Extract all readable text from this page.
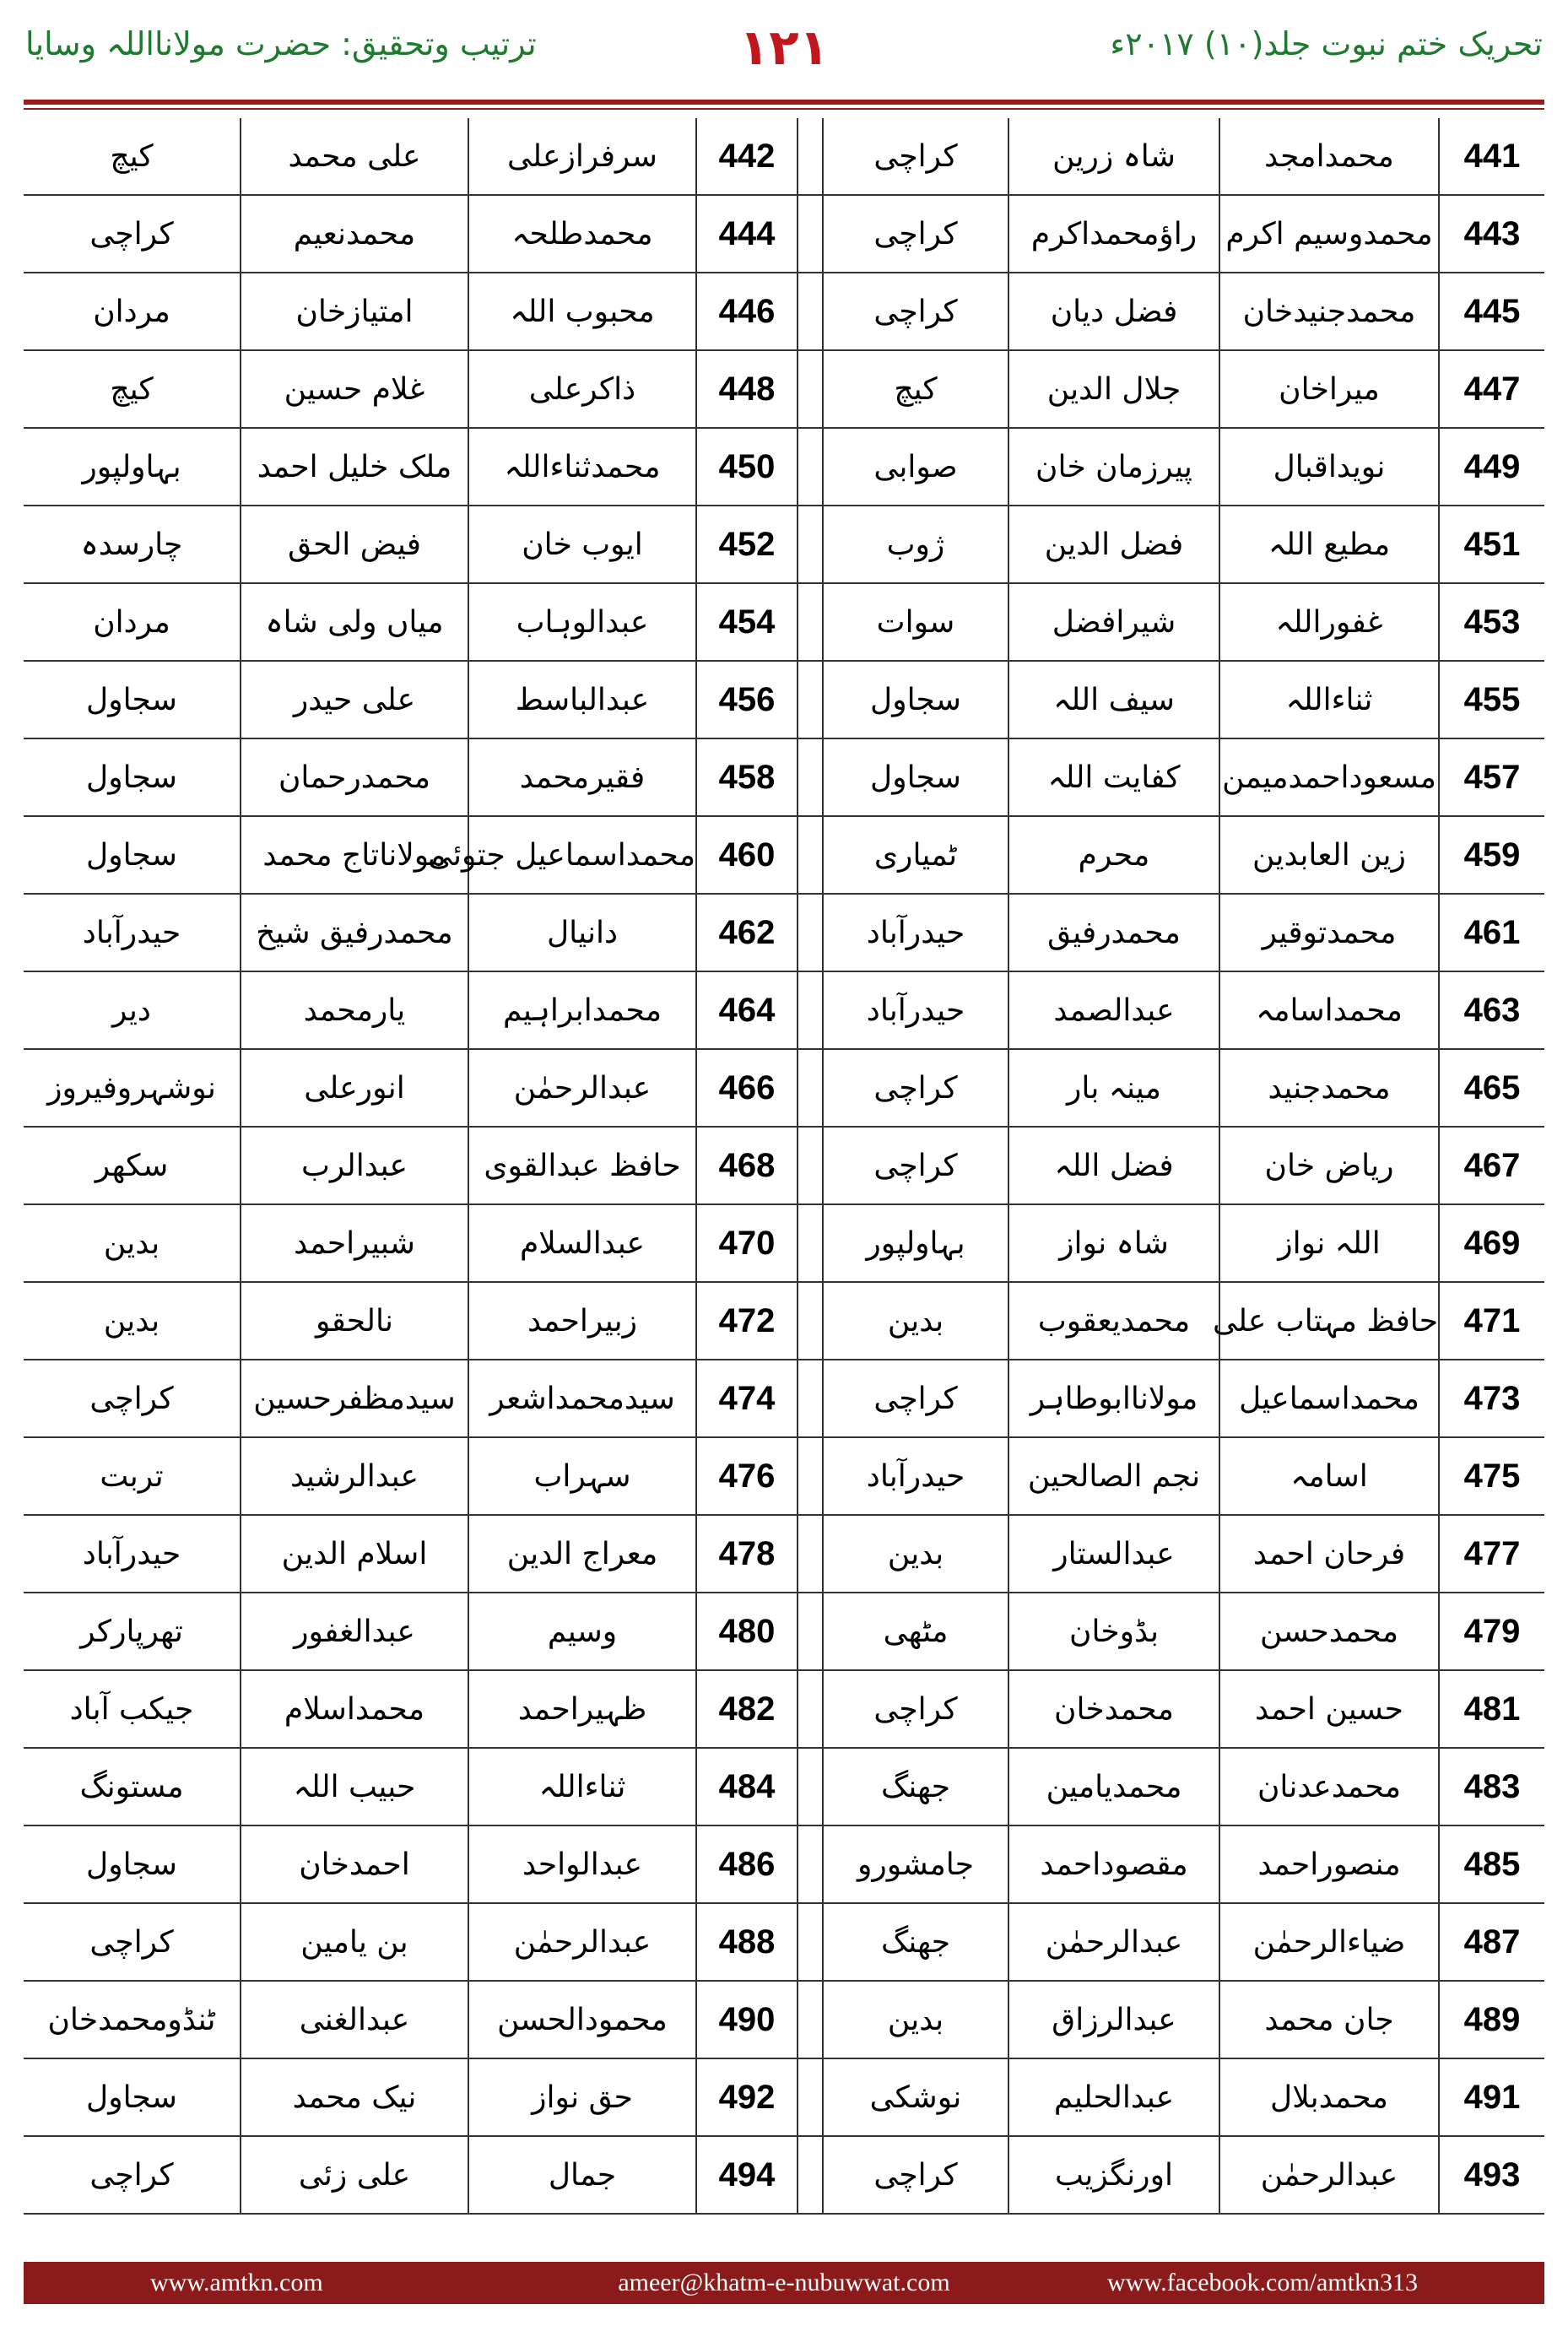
تحریک ختم نبوت جلد(۱۰) ۲۰۱۷ء
۱۲۱
ترتیب وتحقیق: حضرت مولانااللہ وسایا
441	محمدامجد	شاہ زرین	کراچی		442	سرفرازعلی	علی محمد	کیچ
443	محمدوسیم اکرم	راؤمحمداکرم	کراچی		444	محمدطلحہ	محمدنعیم	کراچی
445	محمدجنیدخان	فضل دیان	کراچی		446	محبوب اللہ	امتیازخان	مردان
447	میراخان	جلال الدین	کیچ		448	ذاکرعلی	غلام حسین	کیچ
449	نویداقبال	پیرزمان خان	صوابی		450	محمدثناءاللہ	ملک خلیل احمد	بہاولپور
451	مطیع اللہ	فضل الدین	ژوب		452	ایوب خان	فیض الحق	چارسدہ
453	غفوراللہ	شیرافضل	سوات		454	عبدالوہاب	میاں ولی شاہ	مردان
455	ثناءاللہ	سیف اللہ	سجاول		456	عبدالباسط	علی حیدر	سجاول
457	مسعوداحمدمیمن	کفایت اللہ	سجاول		458	فقیرمحمد	محمدرحمان	سجاول
459	زین العابدین	محرم	ٹمیاری		460	محمداسماعیل جتوئی	مولاناتاج محمد	سجاول
461	محمدتوقیر	محمدرفیق	حیدرآباد		462	دانیال	محمدرفیق شیخ	حیدرآباد
463	محمداسامہ	عبدالصمد	حیدرآباد		464	محمدابراہیم	یارمحمد	دیر
465	محمدجنید	مینہ بار	کراچی		466	عبدالرحمٰن	انورعلی	نوشہروفیروز
467	ریاض خان	فضل اللہ	کراچی		468	حافظ عبدالقوی	عبدالرب	سکھر
469	اللہ نواز	شاہ نواز	بہاولپور		470	عبدالسلام	شبیراحمد	بدین
471	حافظ مہتاب علی	محمدیعقوب	بدین		472	زبیراحمد	نالحقو	بدین
473	محمداسماعیل	مولاناابوطاہر	کراچی		474	سیدمحمداشعر	سیدمظفرحسین	کراچی
475	اسامہ	نجم الصالحین	حیدرآباد		476	سہراب	عبدالرشید	تربت
477	فرحان احمد	عبدالستار	بدین		478	معراج الدین	اسلام الدین	حیدرآباد
479	محمدحسن	بڈوخان	مٹھی		480	وسیم	عبدالغفور	تھرپارکر
481	حسین احمد	محمدخان	کراچی		482	ظہیراحمد	محمداسلام	جیکب آباد
483	محمدعدنان	محمدیامین	جھنگ		484	ثناءاللہ	حبیب اللہ	مستونگ
485	منصوراحمد	مقصوداحمد	جامشورو		486	عبدالواحد	احمدخان	سجاول
487	ضیاءالرحمٰن	عبدالرحمٰن	جھنگ		488	عبدالرحمٰن	بن یامین	کراچی
489	جان محمد	عبدالرزاق	بدین		490	محمودالحسن	عبدالغنی	ٹنڈومحمدخان
491	محمدبلال	عبدالحلیم	نوشکی		492	حق نواز	نیک محمد	سجاول
493	عبدالرحمٰن	اورنگزیب	کراچی		494	جمال	علی زئی	کراچی
www.amtkn.com	ameer@khatm-e-nubuwwat.com	www.facebook.com/amtkn313
